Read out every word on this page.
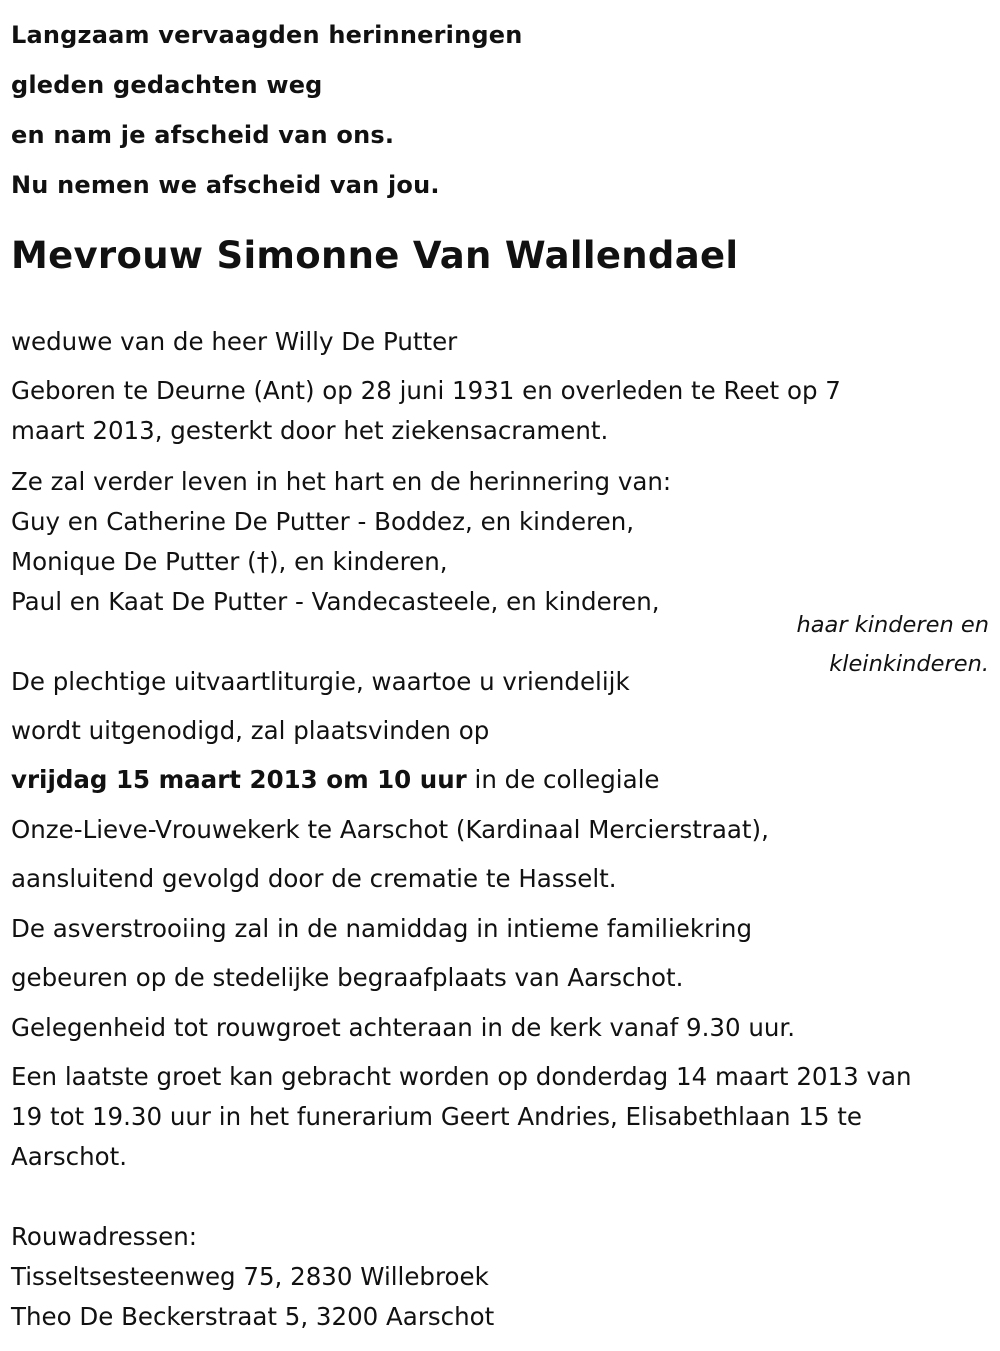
Langzaam vervaagden herinneringen
gleden gedachten weg
en nam je afscheid van ons.
Nu nemen we afscheid van jou.
Mevrouw Simonne Van Wallendael

weduwe van de heer Willy De Putter

Geboren te Deurne (Ant) op 28 juni 1931 en overleden te Reet op 7
maart 2013, gesterkt door het ziekensacrament.

Ze zal verder leven in het hart en de herinnering van:
Guy en Catherine De Putter - Boddez, en kinderen,
Monique De Putter (†), en kinderen,
Paul en Kaat De Putter - Vandecasteele, en kinderen,

haar kinderen en
kleinkinderen.

De plechtige uitvaartliturgie, waartoe u vriendelijk

wordt uitgenodigd, zal plaatsvinden op

vrijdag 15 maart 2013 om 10 uur in de collegiale

Onze-Lieve-Vrouwekerk te Aarschot (Kardinaal Mercierstraat),

aansluitend gevolgd door de crematie te Hasselt.

De asverstrooiing zal in de namiddag in intieme familiekring

gebeuren op de stedelijke begraafplaats van Aarschot.

Gelegenheid tot rouwgroet achteraan in de kerk vanaf 9.30 uur.

Een laatste groet kan gebracht worden op donderdag 14 maart 2013 van
19 tot 19.30 uur in het funerarium Geert Andries, Elisabethlaan 15 te
Aarschot.

Rouwadressen:
Tisseltsesteenweg 75, 2830 Willebroek
Theo De Beckerstraat 5, 3200 Aarschot
